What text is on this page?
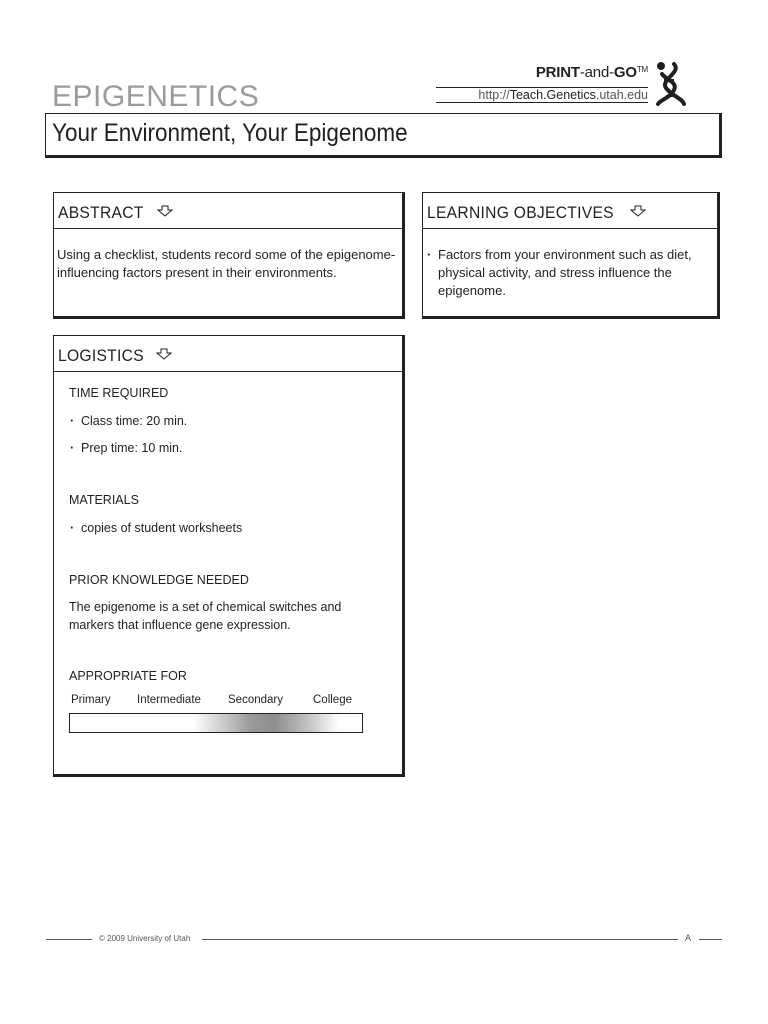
PRINT-and-GO™
http://Teach.Genetics.utah.edu
EPIGENETICS
Your Environment, Your Epigenome
ABSTRACT
Using a checklist, students record some of the epigenome-influencing factors present in their environments.
LEARNING OBJECTIVES
· Factors from your environment such as diet, physical activity, and stress influence the epigenome.
LOGISTICS
TIME REQUIRED
· Class time: 20 min.
· Prep time: 10 min.
MATERIALS
· copies of student worksheets
PRIOR KNOWLEDGE NEEDED
The epigenome is a set of chemical switches and markers that influence gene expression.
APPROPRIATE FOR
Primary Intermediate Secondary	College
© 2009 University of Utah	A
